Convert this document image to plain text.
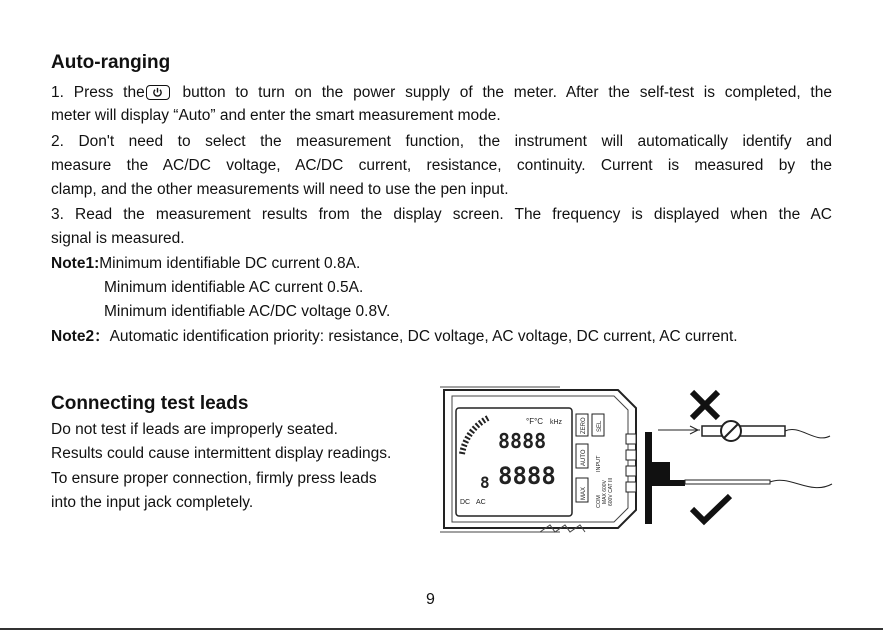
Auto-ranging
1. Press the
button to turn on the power supply of the meter. After the self-test is completed, the
meter will display “Auto” and enter the smart measurement mode.
2. Don't need to select the measurement function, the instrument will automatically identify and
measure the AC/DC voltage, AC/DC current, resistance, continuity. Current is measured by the
clamp, and the other measurements will need to use the pen input.
3. Read the measurement results from the display screen. The frequency is displayed when the AC
signal is measured.
Note1:Minimum identifiable DC current 0.8A.
Minimum identifiable AC current 0.5A.
Minimum identifiable AC/DC voltage 0.8V.
Note2：Automatic identification priority: resistance, DC voltage, AC voltage, DC current, AC current.
Connecting test leads
Do not test if leads are improperly seated.
Results could cause intermittent display readings.
To ensure proper connection, firmly press leads
into the input jack completely.
8888
8888
8
°F°C kHz
DC AC
ZERO
AUTO
MAX
SEL
INPUT
MAX 600V
COM 600V CAT III
9
